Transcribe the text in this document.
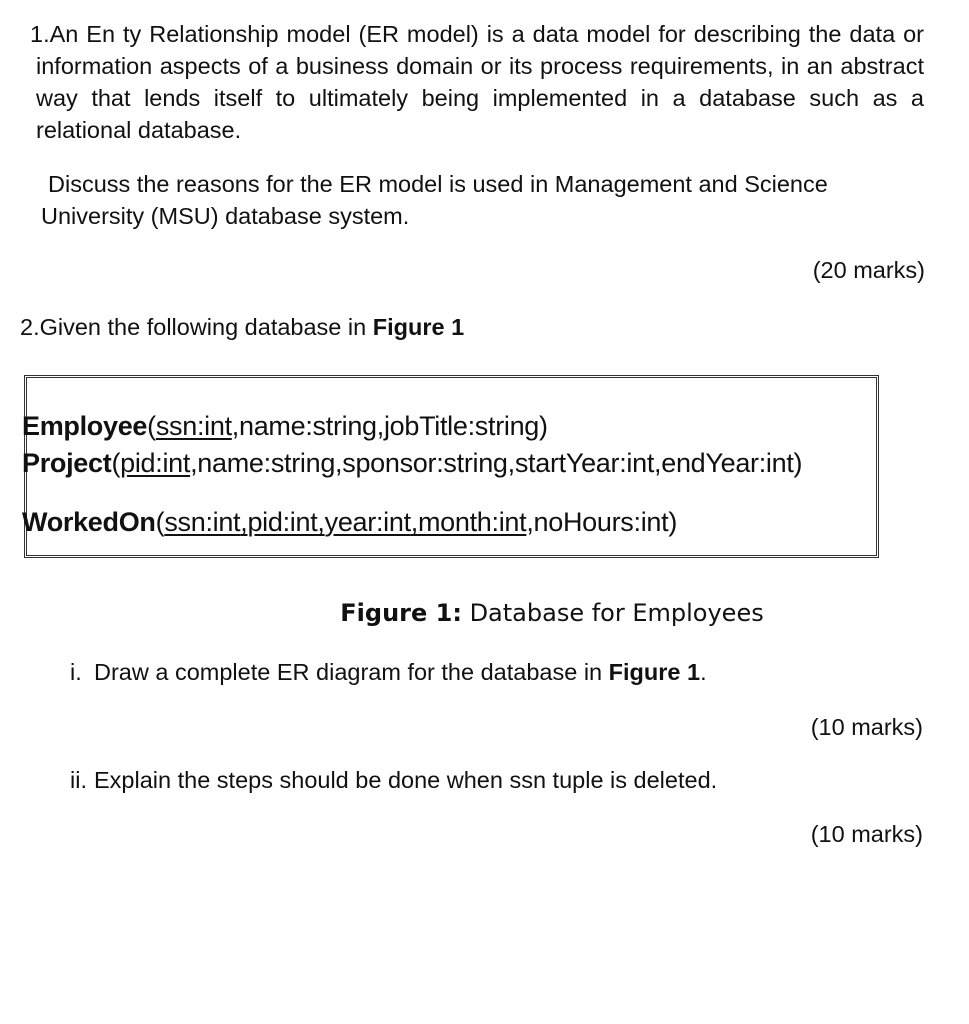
1.An En ty Relationship model (ER model) is a data model for describing the data or information aspects of a business domain or its process requirements, in an abstract way that lends itself to ultimately being implemented in a database such as a relational database.
Discuss the reasons for the ER model is used in Management and Science
University (MSU) database system.
(20 marks)
2.Given the following database in Figure 1
Employee(ssn:int,name:string,jobTitle:string)
Project(pid:int,name:string,sponsor:string,startYear:int,endYear:int)
WorkedOn(ssn:int,pid:int,year:int,month:int,noHours:int)
Figure 1: Database for Employees
i. Draw a complete ER diagram for the database in Figure 1.
(10 marks)
ii. Explain the steps should be done when ssn tuple is deleted.
(10 marks)
